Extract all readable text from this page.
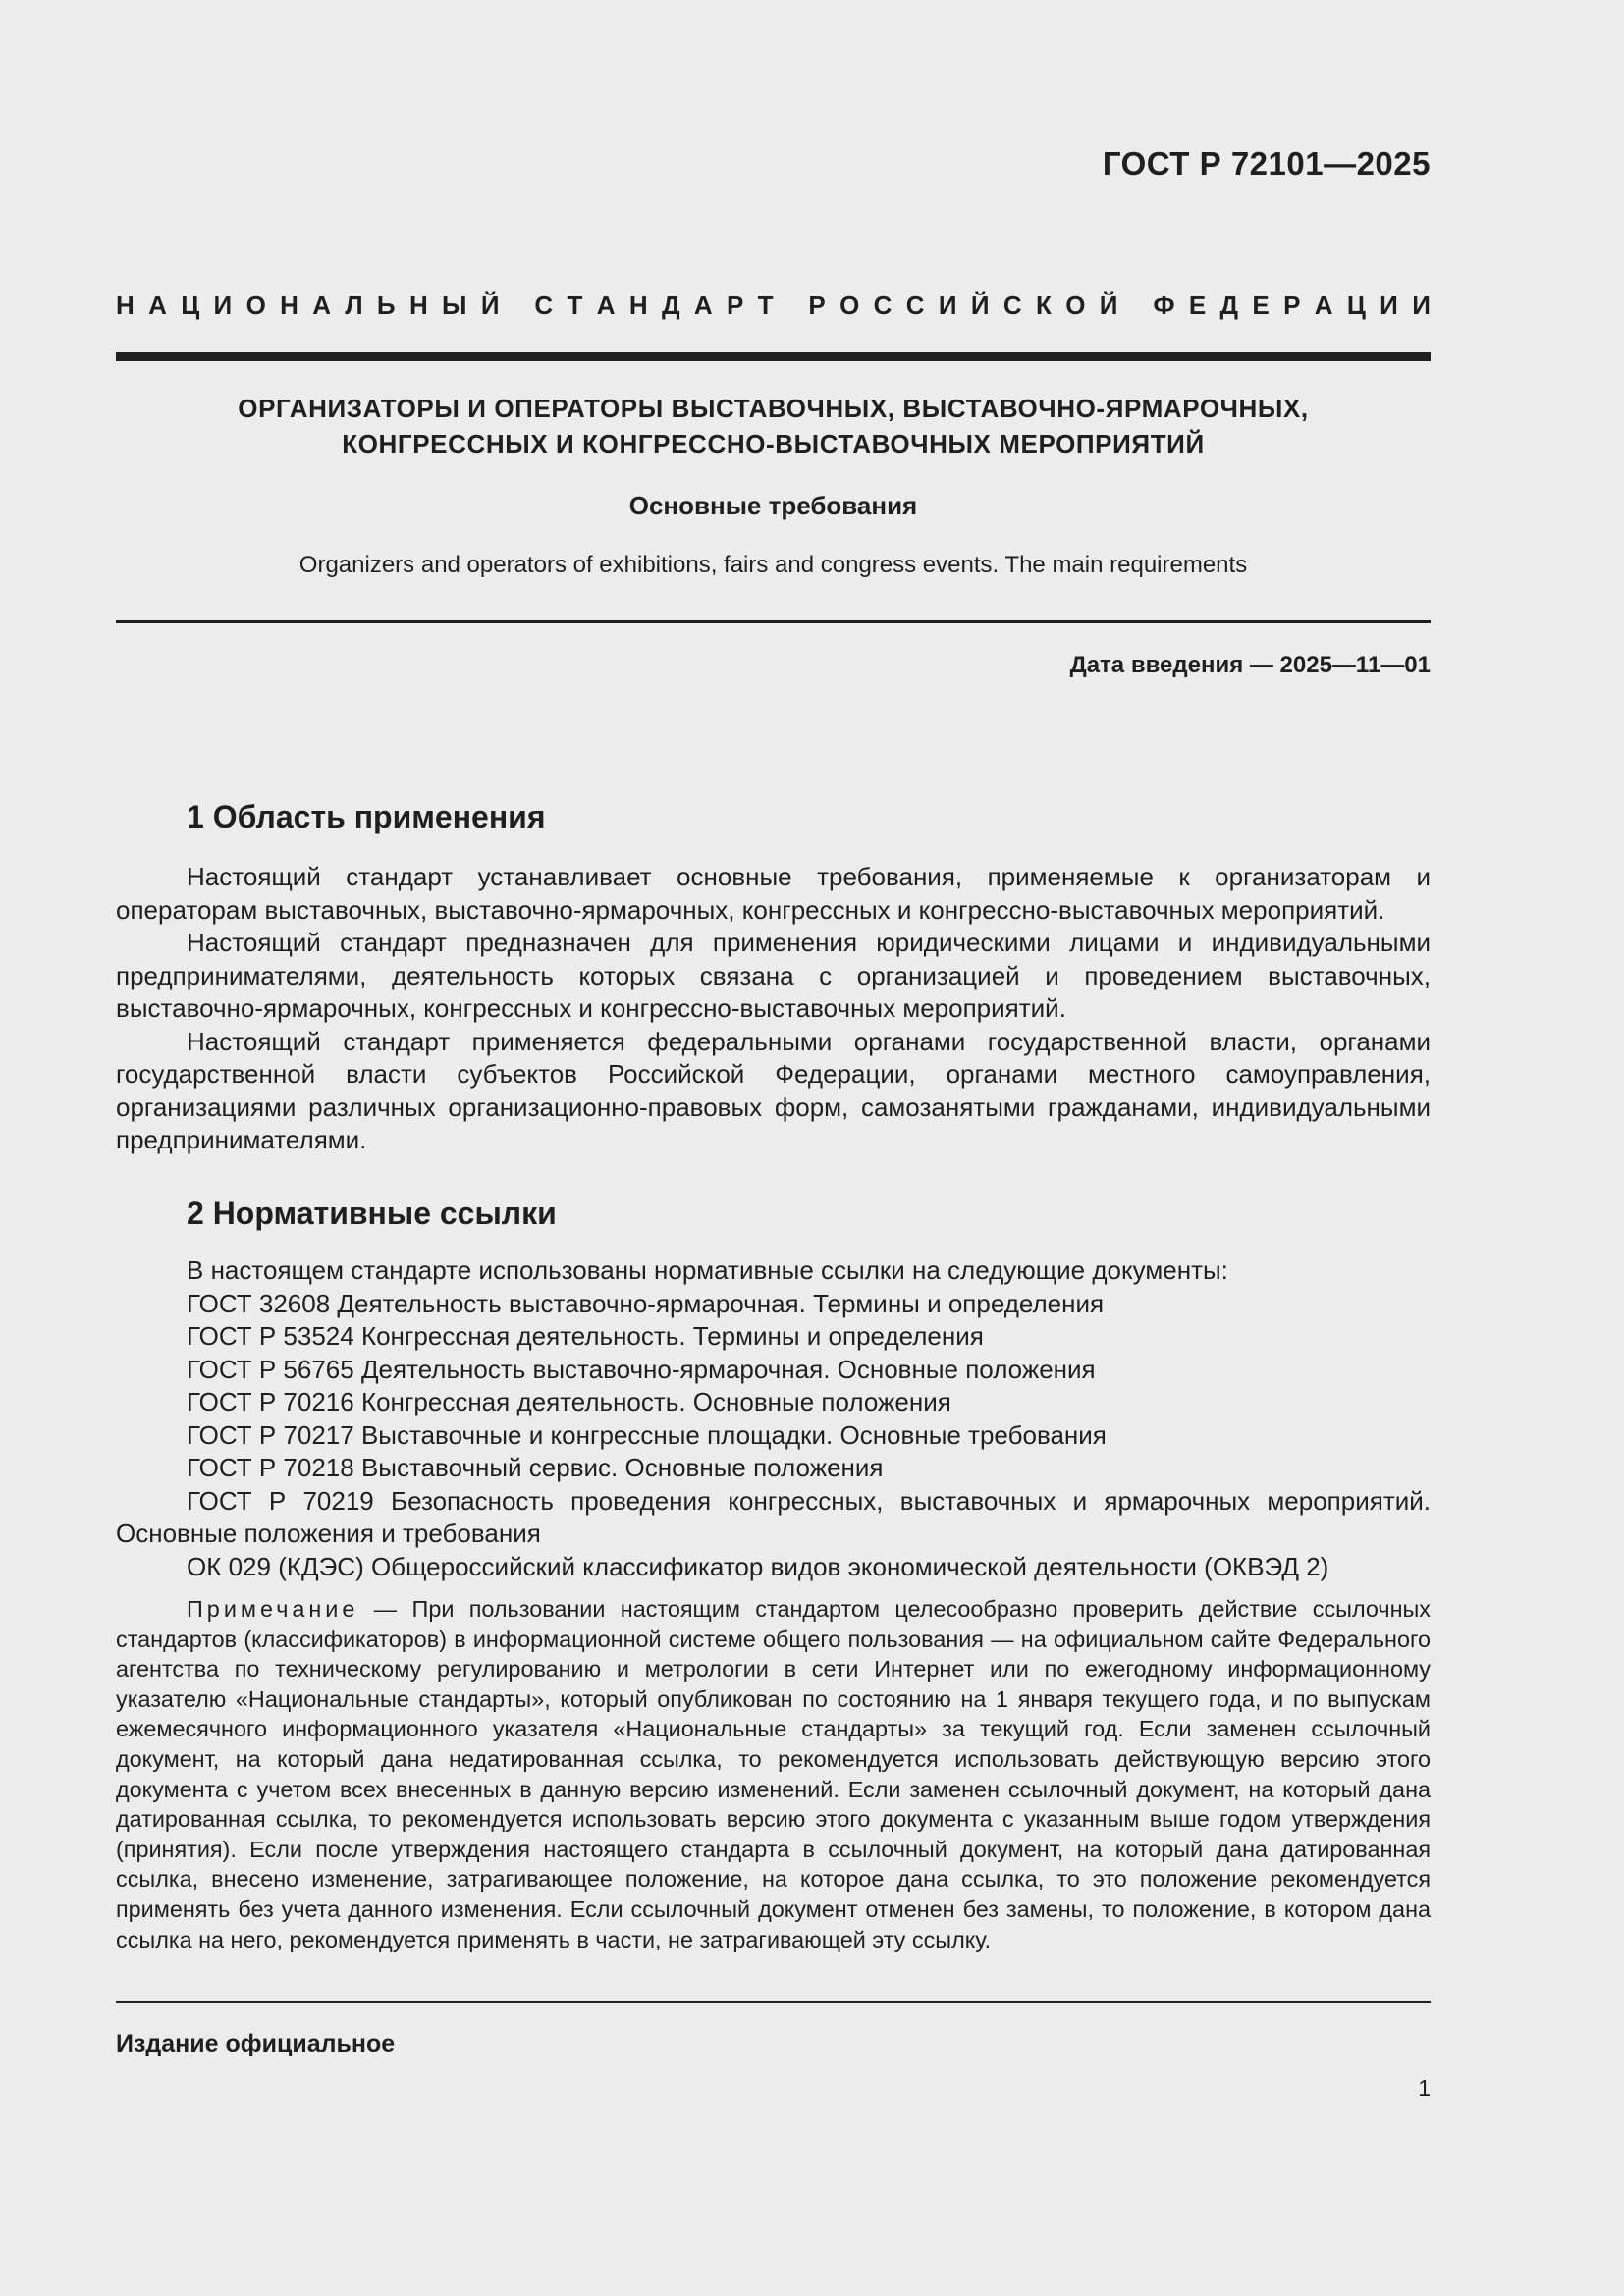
ГОСТ Р 72101—2025
Н А Ц И О Н А Л Ь Н Ы Й
С Т А Н Д А Р Т
Р О С С И Й С К О Й
Ф Е Д Е Р А Ц И И
ОРГАНИЗАТОРЫ И ОПЕРАТОРЫ ВЫСТАВОЧНЫХ, ВЫСТАВОЧНО-ЯРМАРОЧНЫХ,
КОНГРЕССНЫХ И КОНГРЕССНО-ВЫСТАВОЧНЫХ МЕРОПРИЯТИЙ
Основные требования
Organizers and operators of exhibitions, fairs and congress events. The main requirements
Дата введения — 2025—11—01
1 Область применения

Настоящий стандарт устанавливает основные требования, применяемые к организаторам и операторам выставочных, выставочно-ярмарочных, конгрессных и конгрессно-выставочных мероприятий.

Настоящий стандарт предназначен для применения юридическими лицами и индивидуальными предпринимателями, деятельность которых связана с организацией и проведением выставочных, выставочно-ярмарочных, конгрессных и конгрессно-выставочных мероприятий.

Настоящий стандарт применяется федеральными органами государственной власти, органами государственной власти субъектов Российской Федерации, органами местного самоуправления, организациями различных организационно-правовых форм, самозанятыми гражданами, индивидуальными предпринимателями.

2 Нормативные ссылки

В настоящем стандарте использованы нормативные ссылки на следующие документы:

ГОСТ 32608 Деятельность выставочно-ярмарочная. Термины и определения

ГОСТ Р 53524 Конгрессная деятельность. Термины и определения

ГОСТ Р 56765 Деятельность выставочно-ярмарочная. Основные положения

ГОСТ Р 70216 Конгрессная деятельность. Основные положения

ГОСТ Р 70217 Выставочные и конгрессные площадки. Основные требования

ГОСТ Р 70218 Выставочный сервис. Основные положения

ГОСТ Р 70219 Безопасность проведения конгрессных, выставочных и ярмарочных мероприятий. Основные положения и требования

ОК 029 (КДЭС) Общероссийский классификатор видов экономической деятельности (ОКВЭД 2)

Примечание — При пользовании настоящим стандартом целесообразно проверить действие ссылочных стандартов (классификаторов) в информационной системе общего пользования — на официальном сайте Федерального агентства по техническому регулированию и метрологии в сети Интернет или по ежегодному информационному указателю «Национальные стандарты», который опубликован по состоянию на 1 января текущего года, и по выпускам ежемесячного информационного указателя «Национальные стандарты» за текущий год. Если заменен ссылочный документ, на который дана недатированная ссылка, то рекомендуется использовать действующую версию этого документа с учетом всех внесенных в данную версию изменений. Если заменен ссылочный документ, на который дана датированная ссылка, то рекомендуется использовать версию этого документа с указанным выше годом утверждения (принятия). Если после утверждения настоящего стандарта в ссылочный документ, на который дана датированная ссылка, внесено изменение, затрагивающее положение, на которое дана ссылка, то это положение рекомендуется применять без учета данного изменения. Если ссылочный документ отменен без замены, то положение, в котором дана ссылка на него, рекомендуется применять в части, не затрагивающей эту ссылку.

Издание официальное
1
